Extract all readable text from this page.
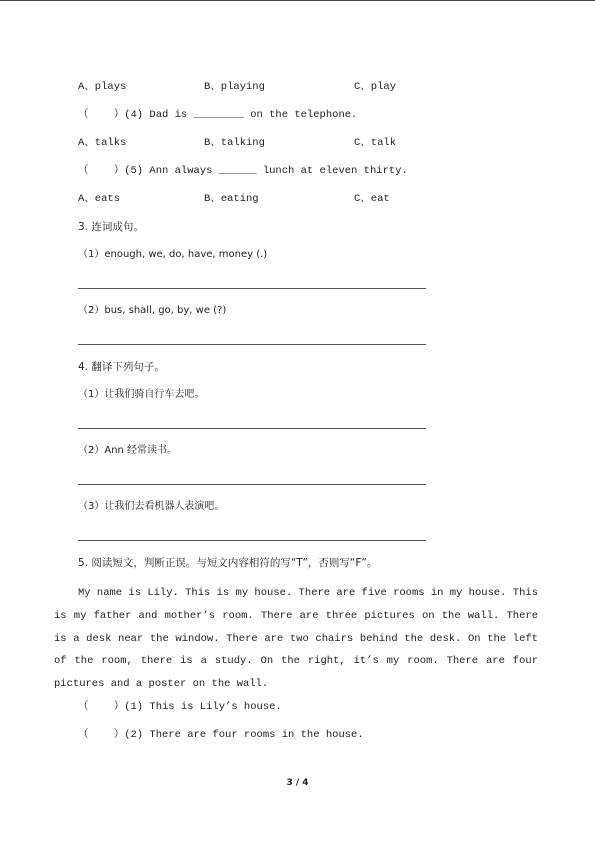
A、plays	B、playing	C、play
（    ）(4) Dad is ________ on the telephone.
A、talks	B、talking	C、talk
（    ）(5) Ann always ______ lunch at eleven thirty.
A、eats	B、eating	C、eat
3. 连词成句。
（1）enough, we, do, have, money (.)
（2）bus, shall, go, by, we (?)
4. 翻译下列句子。
（1）让我们骑自行车去吧。
（2）Ann 经常读书。
（3）让我们去看机器人表演吧。
5. 阅读短文，判断正误。与短文内容相符的写“T”，否则写“F”。

My name is Lily. This is my house. There are five rooms in my house. This is my father and mother’s room. There are three pictures on the wall. There is a desk near the window. There are two chairs behind the desk. On the left of the room, there is a study. On the right, it’s my room. There are four pictures and a poster on the wall.

（    ）(1) This is Lily’s house.
（    ）(2) There are four rooms in the house.
3 / 4
